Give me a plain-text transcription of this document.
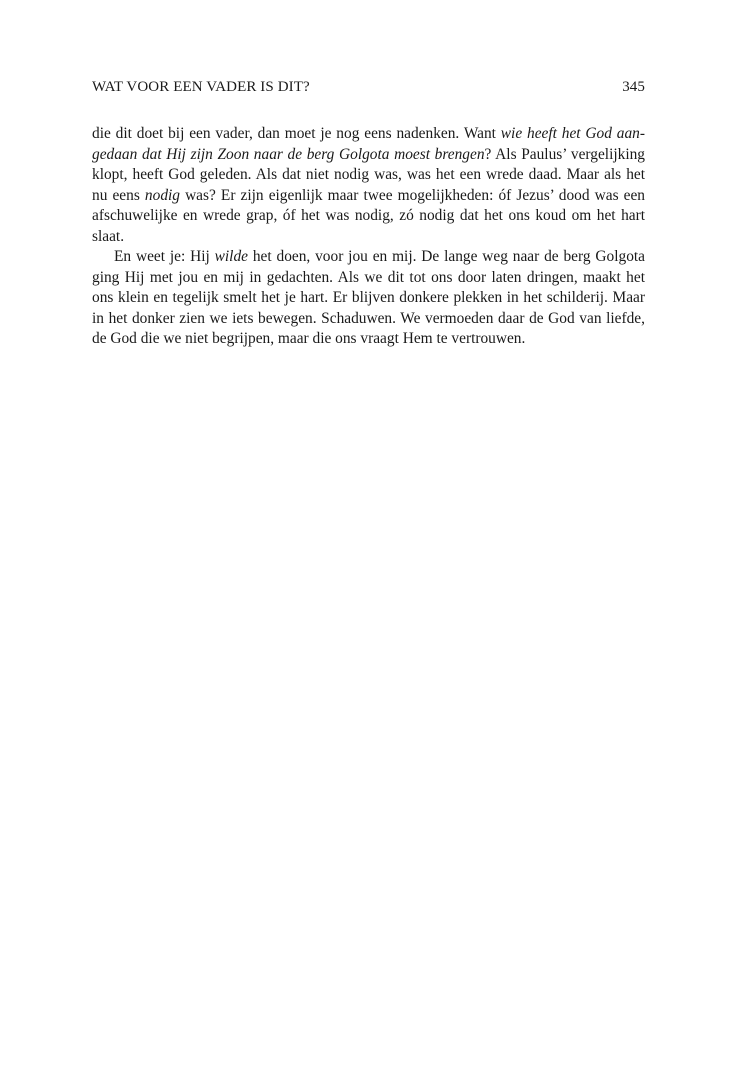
WAT VOOR EEN VADER IS DIT?	345
die dit doet bij een vader, dan moet je nog eens nadenken. Want wie heeft het God aan-
gedaan dat Hij zijn Zoon naar de berg Golgota moest brengen? Als Paulus’ vergelijking
klopt, heeft God geleden. Als dat niet nodig was, was het een wrede daad. Maar als het
nu eens nodig was? Er zijn eigenlijk maar twee mogelijkheden: óf Jezus’ dood was een
afschuwelijke en wrede grap, óf het was nodig, zó nodig dat het ons koud om het hart
slaat.
En weet je: Hij wilde het doen, voor jou en mij. De lange weg naar de berg Golgota
ging Hij met jou en mij in gedachten. Als we dit tot ons door laten dringen, maakt het
ons klein en tegelijk smelt het je hart. Er blijven donkere plekken in het schilderij. Maar
in het donker zien we iets bewegen. Schaduwen. We vermoeden daar de God van liefde,
de God die we niet begrijpen, maar die ons vraagt Hem te vertrouwen.
